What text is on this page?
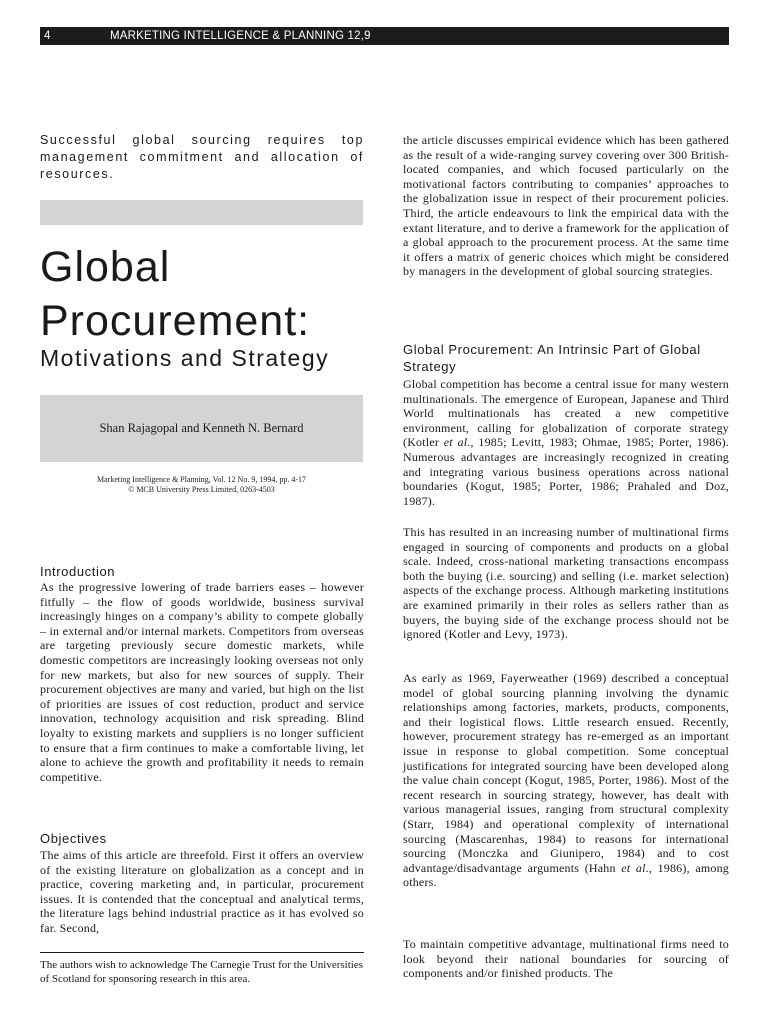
4	MARKETING INTELLIGENCE & PLANNING 12,9
Successful global sourcing requires top management commitment and allocation of resources.
Global
Procurement:
Motivations and Strategy
Shan Rajagopal and Kenneth N. Bernard
Marketing Intelligence & Planning, Vol. 12 No. 9, 1994, pp. 4-17
© MCB University Press Limited, 0263-4503
Introduction
As the progressive lowering of trade barriers eases – however fitfully – the flow of goods worldwide, business survival increasingly hinges on a company’s ability to compete globally – in external and/or internal markets. Competitors from overseas are targeting previously secure domestic markets, while domestic competitors are increasingly looking overseas not only for new markets, but also for new sources of supply. Their procurement objectives are many and varied, but high on the list of priorities are issues of cost reduction, product and service innovation, technology acquisition and risk spreading. Blind loyalty to existing markets and suppliers is no longer sufficient to ensure that a firm continues to make a comfortable living, let alone to achieve the growth and profitability it needs to remain competitive.
Objectives
The aims of this article are threefold. First it offers an overview of the existing literature on globalization as a concept and in practice, covering marketing and, in particular, procurement issues. It is contended that the conceptual and analytical terms, the literature lags behind industrial practice as it has evolved so far. Second,
The authors wish to acknowledge The Carnegie Trust for the Universities of Scotland for sponsoring research in this area.
the article discusses empirical evidence which has been gathered as the result of a wide-ranging survey covering over 300 British-located companies, and which focused particularly on the motivational factors contributing to companies’ approaches to the globalization issue in respect of their procurement policies. Third, the article endeavours to link the empirical data with the extant literature, and to derive a framework for the application of a global approach to the procurement process. At the same time it offers a matrix of generic choices which might be considered by managers in the development of global sourcing strategies.
Global Procurement: An Intrinsic Part of Global Strategy
Global competition has become a central issue for many western multinationals. The emergence of European, Japanese and Third World multinationals has created a new competitive environment, calling for globalization of corporate strategy (Kotler et al., 1985; Levitt, 1983; Ohmae, 1985; Porter, 1986). Numerous advantages are increasingly recognized in creating and integrating various business operations across national boundaries (Kogut, 1985; Porter, 1986; Prahaled and Doz, 1987).
This has resulted in an increasing number of multinational firms engaged in sourcing of components and products on a global scale. Indeed, cross-national marketing transactions encompass both the buying (i.e. sourcing) and selling (i.e. market selection) aspects of the exchange process. Although marketing institutions are examined primarily in their roles as sellers rather than as buyers, the buying side of the exchange process should not be ignored (Kotler and Levy, 1973).
As early as 1969, Fayerweather (1969) described a conceptual model of global sourcing planning involving the dynamic relationships among factories, markets, products, components, and their logistical flows. Little research ensued. Recently, however, procurement strategy has re-emerged as an important issue in response to global competition. Some conceptual justifications for integrated sourcing have been developed along the value chain concept (Kogut, 1985, Porter, 1986). Most of the recent research in sourcing strategy, however, has dealt with various managerial issues, ranging from structural complexity (Starr, 1984) and operational complexity of international sourcing (Mascarenhas, 1984) to reasons for international sourcing (Monczka and Giunipero, 1984) and to cost advantage/disadvantage arguments (Hahn et al., 1986), among others.
To maintain competitive advantage, multinational firms need to look beyond their national boundaries for sourcing of components and/or finished products. The
